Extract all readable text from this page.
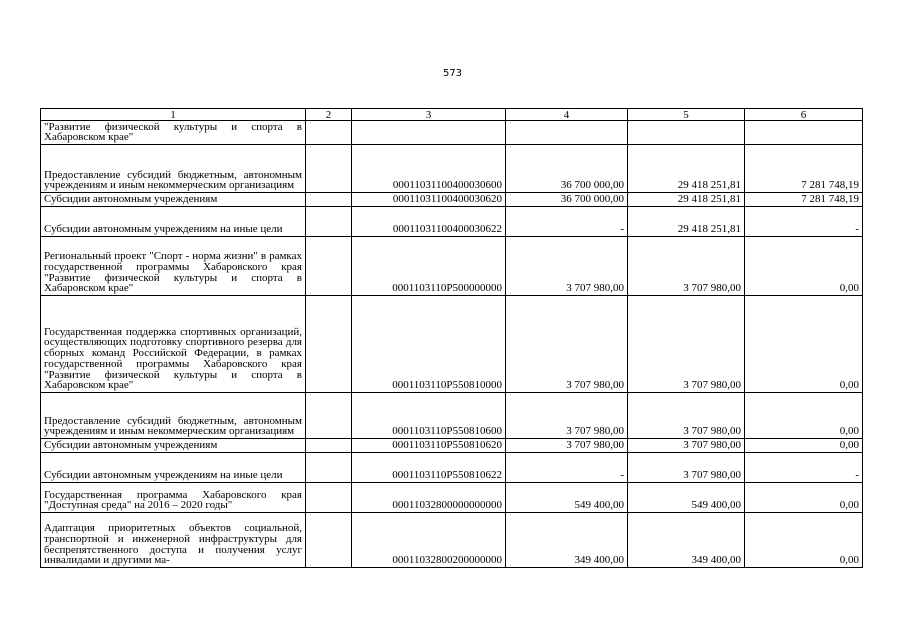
573
1	2	3	4	5	6
"Развитие физической культуры и спорта в Хабаровском крае"					
Предоставление субсидий бюджетным, автономным учреждениям и иным некоммерческим организациям		00011031100400030600	36 700 000,00	29 418 251,81	7 281 748,19
Субсидии автономным учреждениям		00011031100400030620	36 700 000,00	29 418 251,81	7 281 748,19
Субсидии автономным учреждениям на иные цели		00011031100400030622	-	29 418 251,81	-
Региональный проект "Спорт - норма жизни" в рамках государственной программы Хабаровского края "Развитие физической культуры и спорта в Хабаровском крае"		0001103110P500000000	3 707 980,00	3 707 980,00	0,00
Государственная поддержка спортивных организаций, осуществляющих подготовку спортивного резерва для сборных команд Российской Федерации, в рамках государственной программы Хабаровского края "Развитие физической культуры и спорта в Хабаровском крае"		0001103110P550810000	3 707 980,00	3 707 980,00	0,00
Предоставление субсидий бюджетным, автономным учреждениям и иным некоммерческим организациям		0001103110P550810600	3 707 980,00	3 707 980,00	0,00
Субсидии автономным учреждениям		0001103110P550810620	3 707 980,00	3 707 980,00	0,00
Субсидии автономным учреждениям на иные цели		0001103110P550810622	-	3 707 980,00	-
Государственная программа Хабаровского края "Доступная среда" на 2016 – 2020 годы"		00011032800000000000	549 400,00	549 400,00	0,00
Адаптация приоритетных объектов социальной, транспортной и инженерной инфраструктуры для беспрепятственного доступа и получения услуг инвалидами и другими ма-		00011032800200000000	349 400,00	349 400,00	0,00
